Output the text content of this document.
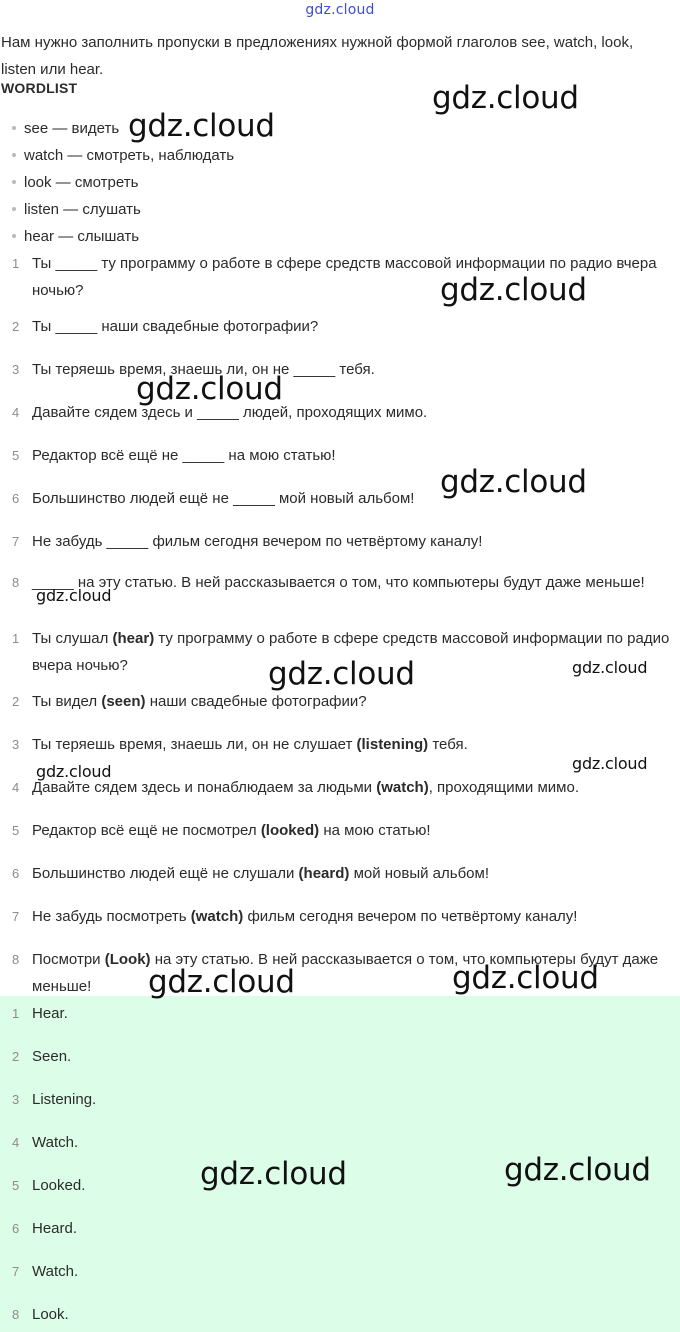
gdz.cloud
Нам нужно заполнить пропуски в предложениях нужной формой глаголов see, watch, look, listen или hear.
WORDLIST
see — видеть
watch — смотреть, наблюдать
look — смотреть
listen — слушать
hear — слышать
1 Ты _____ ту программу о работе в сфере средств массовой информации по радио вчера ночью?
2 Ты _____ наши свадебные фотографии?
3 Ты теряешь время, знаешь ли, он не _____ тебя.
4 Давайте сядем здесь и _____ людей, проходящих мимо.
5 Редактор всё ещё не _____ на мою статью!
6 Большинство людей ещё не _____ мой новый альбом!
7 Не забудь _____ фильм сегодня вечером по четвёртому каналу!
8 _____ на эту статью. В ней рассказывается о том, что компьютеры будут даже меньше!
1 Ты слушал (hear) ту программу о работе в сфере средств массовой информации по радио вчера ночью?
2 Ты видел (seen) наши свадебные фотографии?
3 Ты теряешь время, знаешь ли, он не слушает (listening) тебя.
4 Давайте сядем здесь и понаблюдаем за людьми (watch), проходящими мимо.
5 Редактор всё ещё не посмотрел (looked) на мою статью!
6 Большинство людей ещё не слушали (heard) мой новый альбом!
7 Не забудь посмотреть (watch) фильм сегодня вечером по четвёртому каналу!
8 Посмотри (Look) на эту статью. В ней рассказывается о том, что компьютеры будут даже меньше!
1 Hear.
2 Seen.
3 Listening.
4 Watch.
5 Looked.
6 Heard.
7 Watch.
8 Look.
gdz.cloud
gdz.cloud
gdz.cloud
gdz.cloud
gdz.cloud
gdz.cloud
gdz.cloud	gdz.cloud
gdz.cloud
gdz.cloud
gdz.cloud	gdz.cloud
gdz.cloud	gdz.cloud
